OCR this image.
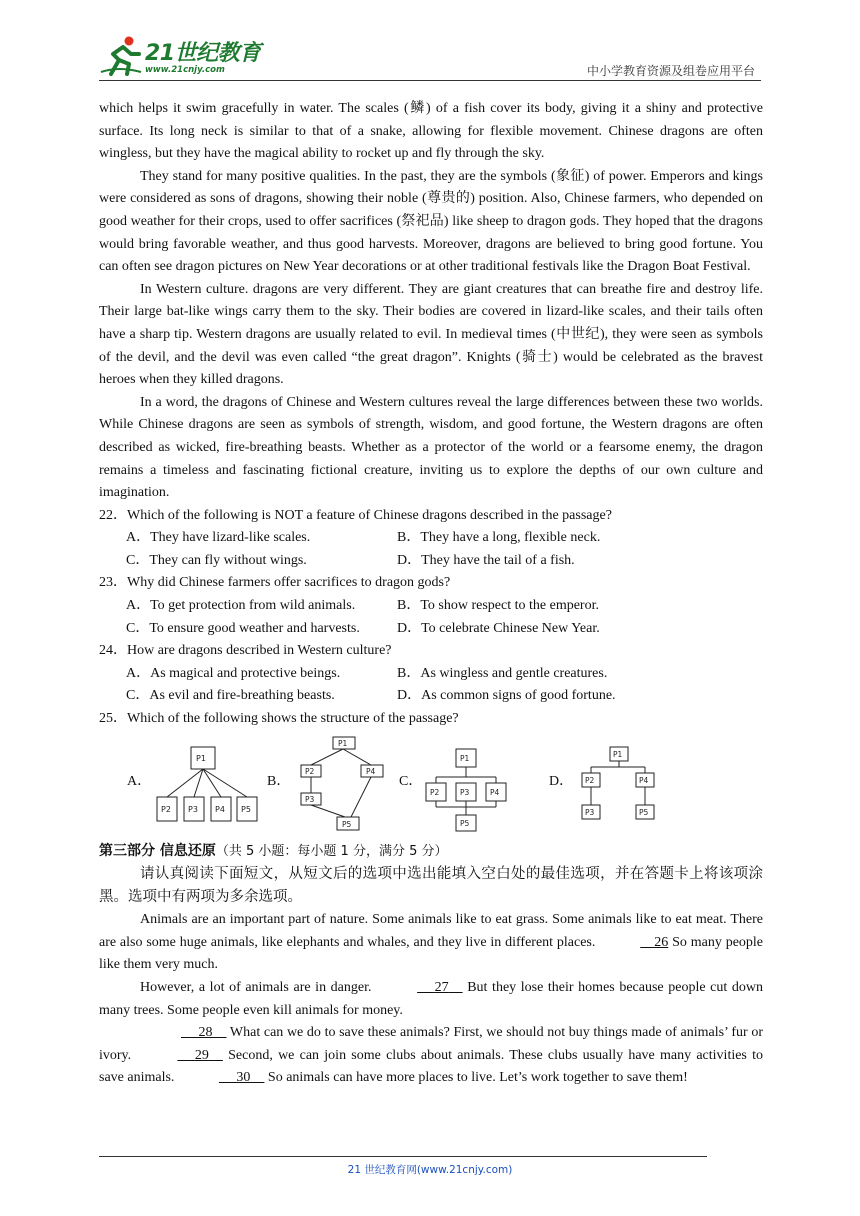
21世纪教育
www.21cnjy.com	中小学教育资源及组卷应用平台

which helps it swim gracefully in water. The scales (鳞) of a fish cover its body, giving it a shiny and protective surface. Its long neck is similar to that of a snake, allowing for flexible movement. Chinese dragons are often wingless, but they have the magical ability to rocket up and fly through the sky.

They stand for many positive qualities. In the past, they are the symbols (象征) of power. Emperors and kings were considered as sons of dragons, showing their noble (尊贵的) position. Also, Chinese farmers, who depended on good weather for their crops, used to offer sacrifices (祭祀品) like sheep to dragon gods. They hoped that the dragons would bring favorable weather, and thus good harvests. Moreover, dragons are believed to bring good fortune. You can often see dragon pictures on New Year decorations or at other traditional festivals like the Dragon Boat Festival.

In Western culture. dragons are very different. They are giant creatures that can breathe fire and destroy life. Their large bat-like wings carry them to the sky. Their bodies are covered in lizard-like scales, and their tails often have a sharp tip. Western dragons are usually related to evil. In medieval times (中世纪), they were seen as symbols of the devil, and the devil was even called “the great dragon”. Knights (骑士) would be celebrated as the bravest heroes when they killed dragons.

In a word, the dragons of Chinese and Western cultures reveal the large differences between these two worlds. While Chinese dragons are seen as symbols of strength, wisdom, and good fortune, the Western dragons are often described as wicked, fire-breathing beasts. Whether as a protector of the world or a fearsome enemy, the dragon remains a timeless and fascinating fictional creature, inviting us to explore the depths of our own culture and imagination.

22．Which of the following is NOT a feature of Chinese dragons described in the passage?

A．They have lizard-like scales.	B．They have a long, flexible neck.
C．They can fly without wings.	D．They have the tail of a fish.

23．Why did Chinese farmers offer sacrifices to dragon gods?

A．To get protection from wild animals.	B．To show respect to the emperor.
C．To ensure good weather and harvests.	D．To celebrate Chinese New Year.

24．How are dragons described in Western culture?

A．As magical and protective beings.	B．As wingless and gentle creatures.
C．As evil and fire-breathing beasts.	D．As common signs of good fortune.

25．Which of the following shows the structure of the passage?

A．
P1
P2 P3 P4 P5
B．
P1
P2	P4
P3
P5
C．
P1
P2	P3	P4
P5
D．
P1
P2	P4
P3	P5

第三部分 信息还原（共 5 小题：每小题 1 分，满分 5 分）

请认真阅读下面短文，从短文后的选项中选出能填入空白处的最佳选项，并在答题卡上将该项涂黑。选项中有两项为多余选项。

Animals are an important part of nature. Some animals like to eat grass. Some animals like to eat meat. There are also some huge animals, like elephants and whales, and they live in different places.	26 So many people like them very much.

However, a lot of animals are in danger.	27 But they lose their homes because people cut down many trees. Some people even kill animals for money.

28 What can we do to save these animals? First, we should not buy things made of animals’ fur or ivory.	29 Second, we can join some clubs about animals. These clubs usually have many activities to save animals.	30 So animals can have more places to live. Let’s work together to save them!

21 世纪教育网(www.21cnjy.com)
